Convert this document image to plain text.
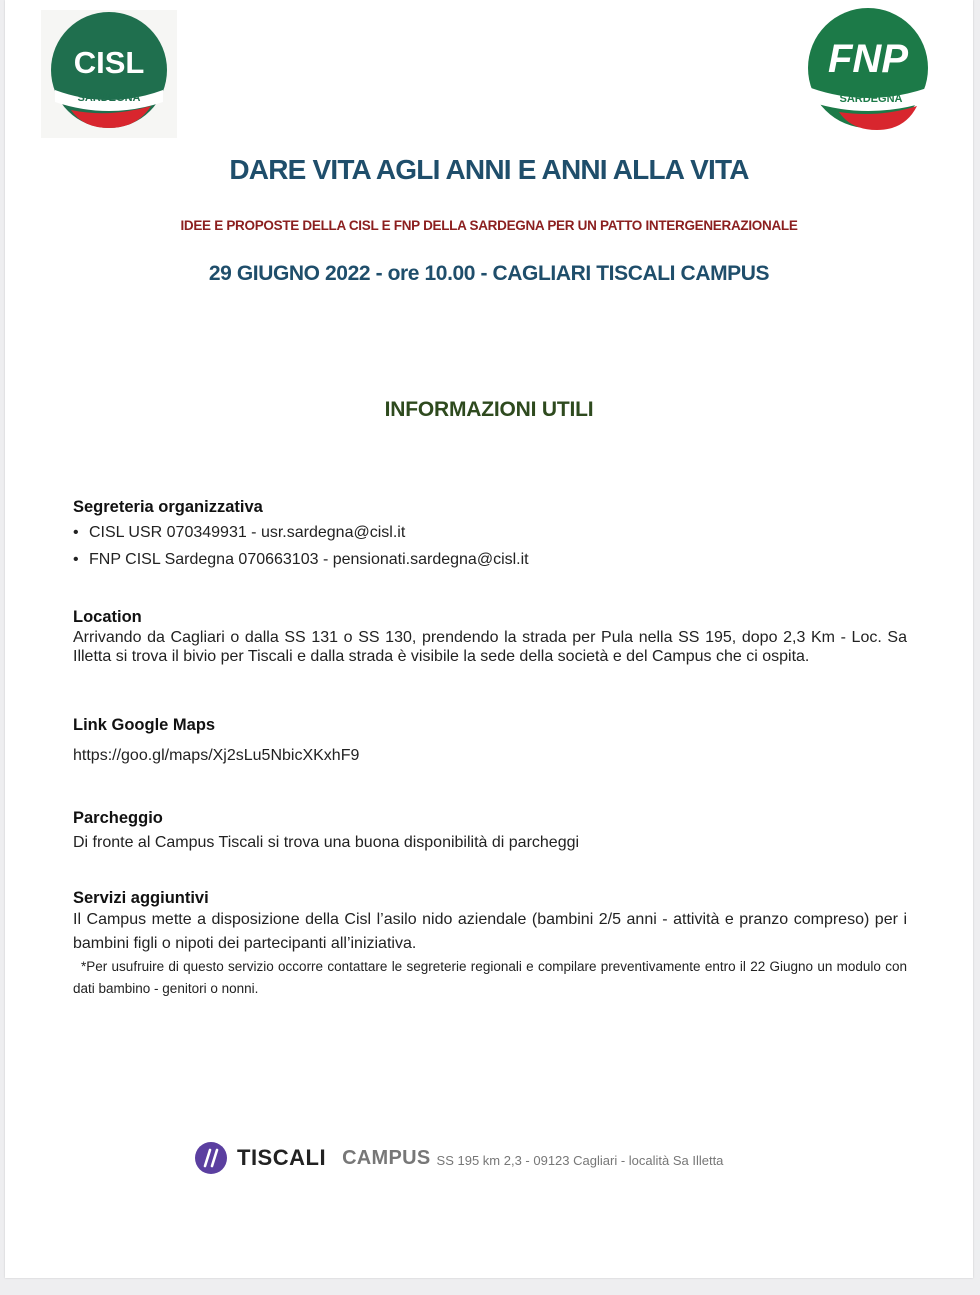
CISL
SARDEGNA
FNP
SARDEGNA
DARE VITA AGLI ANNI E ANNI ALLA VITA
IDEE E PROPOSTE DELLA CISL E FNP DELLA SARDEGNA PER UN PATTO INTERGENERAZIONALE
29 GIUGNO 2022 - ore 10.00 - CAGLIARI TISCALI CAMPUS
INFORMAZIONI UTILI
Segreteria organizzativa
• CISL USR 070349931 - usr.sardegna@cisl.it
• FNP CISL Sardegna 070663103 - pensionati.sardegna@cisl.it
Location
Arrivando da Cagliari o dalla SS 131 o SS 130, prendendo la strada per Pula nella SS 195, dopo 2,3 Km - Loc. Sa Illetta si trova il bivio per Tiscali e dalla strada è visibile la sede della società e del Campus che ci ospita.
Link Google Maps
https://goo.gl/maps/Xj2sLu5NbicXKxhF9
Parcheggio
Di fronte al Campus Tiscali si trova una buona disponibilità di parcheggi
Servizi aggiuntivi
Il Campus mette a disposizione della Cisl l’asilo nido aziendale (bambini 2/5 anni - attività e pranzo compreso) per i bambini figli o nipoti dei partecipanti all’iniziativa.
*Per usufruire di questo servizio occorre contattare le segreterie regionali e compilare preventivamente entro il 22 Giugno un modulo con dati bambino - genitori o nonni.
TISCALI CAMPUS SS 195 km 2,3 - 09123 Cagliari - località Sa Illetta
